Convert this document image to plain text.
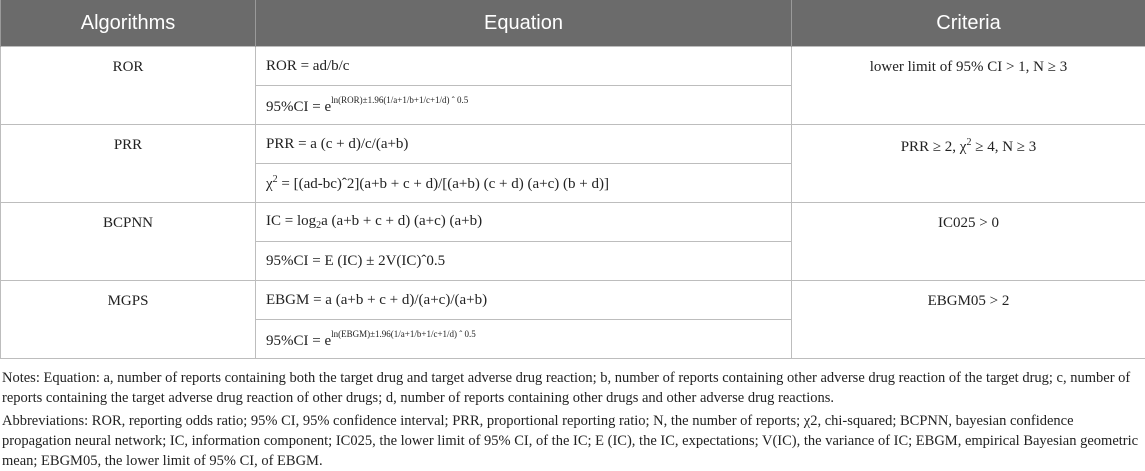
Algorithms	Equation	Criteria
ROR	ROR = ad/b/c	lower limit of 95% CI > 1, N ≥ 3
	$95\%CI = e^{ln(ROR)\pm 1.96(1/a+1/b+1/c+1/d) ˆ 0.5}$
PRR	PRR = a (c + d)/c/(a+b)	PRR ≥ 2, $\chi^2 \ge 4$, N ≥ 3
	$\chi^2$ = [(ad-bc)ˆ2](a+b + c + d)/[(a+b) (c + d) (a+c) (b + d)]	
BCPNN	IC = $\log_2a$ (a+b + c + d) (a+c) (a+b)	IC025 > 0
	95%CI = E (IC) ± 2V(IC)ˆ0.5	
MGPS	EBGM = a (a+b + c + d)/(a+c)/(a+b)	EBGM05 > 2
	$95\%CI = e^{ln(EBGM)\pm 1.96(1/a+1/b+1/c+1/d) ˆ 0.5}$

Notes: Equation: a, number of reports containing both the target drug and target adverse drug reaction; b, number of reports containing other adverse drug reaction of the target drug; c, number of reports containing the target adverse drug reaction of other drugs; d, number of reports containing other drugs and other adverse drug reactions.

Abbreviations: ROR, reporting odds ratio; 95% CI, 95% confidence interval; PRR, proportional reporting ratio; N, the number of reports; χ2, chi-squared; BCPNN, bayesian confidence propagation neural network; IC, information component; IC025, the lower limit of 95% CI, of the IC; E (IC), the IC, expectations; V(IC), the variance of IC; EBGM, empirical Bayesian geometric mean; EBGM05, the lower limit of 95% CI, of EBGM.
